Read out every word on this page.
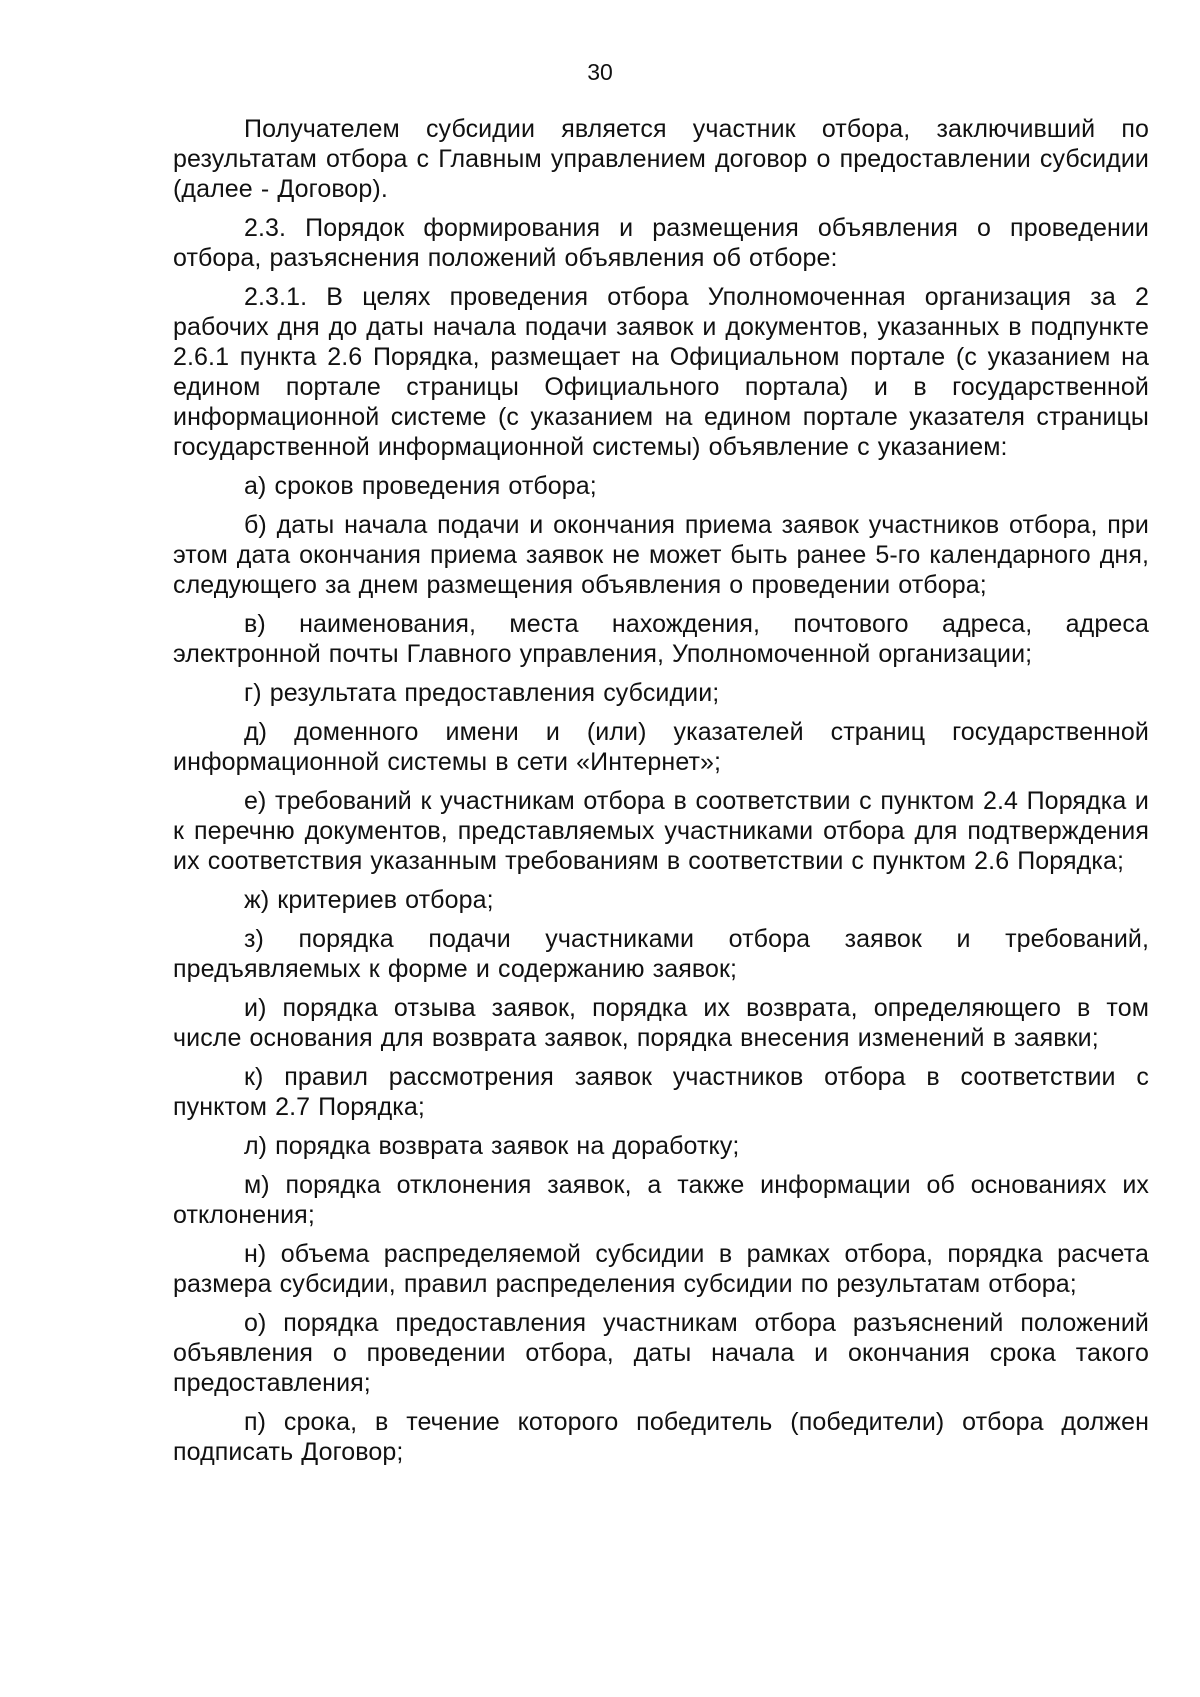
30

Получателем субсидии является участник отбора, заключивший по результатам отбора с Главным управлением договор о предоставлении субсидии (далее - Договор).

2.3. Порядок формирования и размещения объявления о проведении отбора, разъяснения положений объявления об отборе:

2.3.1. В целях проведения отбора Уполномоченная организация за 2 рабочих дня до даты начала подачи заявок и документов, указанных в подпункте 2.6.1 пункта 2.6 Порядка, размещает на Официальном портале (с указанием на едином портале страницы Официального портала) и в государственной информационной системе (с указанием на едином портале указателя страницы государственной информационной системы) объявление с указанием:

а) сроков проведения отбора;

б) даты начала подачи и окончания приема заявок участников отбора, при этом дата окончания приема заявок не может быть ранее 5-го календарного дня, следующего за днем размещения объявления о проведении отбора;

в) наименования, места нахождения, почтового адреса, адреса электронной почты Главного управления, Уполномоченной организации;

г) результата предоставления субсидии;

д) доменного имени и (или) указателей страниц государственной информационной системы в сети «Интернет»;

е) требований к участникам отбора в соответствии с пунктом 2.4 Порядка и к перечню документов, представляемых участниками отбора для подтверждения их соответствия указанным требованиям в соответствии с пунктом 2.6 Порядка;

ж) критериев отбора;

з) порядка подачи участниками отбора заявок и требований, предъявляемых к форме и содержанию заявок;

и) порядка отзыва заявок, порядка их возврата, определяющего в том числе основания для возврата заявок, порядка внесения изменений в заявки;

к) правил рассмотрения заявок участников отбора в соответствии с пунктом 2.7 Порядка;

л) порядка возврата заявок на доработку;

м) порядка отклонения заявок, а также информации об основаниях их отклонения;

н) объема распределяемой субсидии в рамках отбора, порядка расчета размера субсидии, правил распределения субсидии по результатам отбора;

о) порядка предоставления участникам отбора разъяснений положений объявления о проведении отбора, даты начала и окончания срока такого предоставления;

п) срока, в течение которого победитель (победители) отбора должен подписать Договор;
